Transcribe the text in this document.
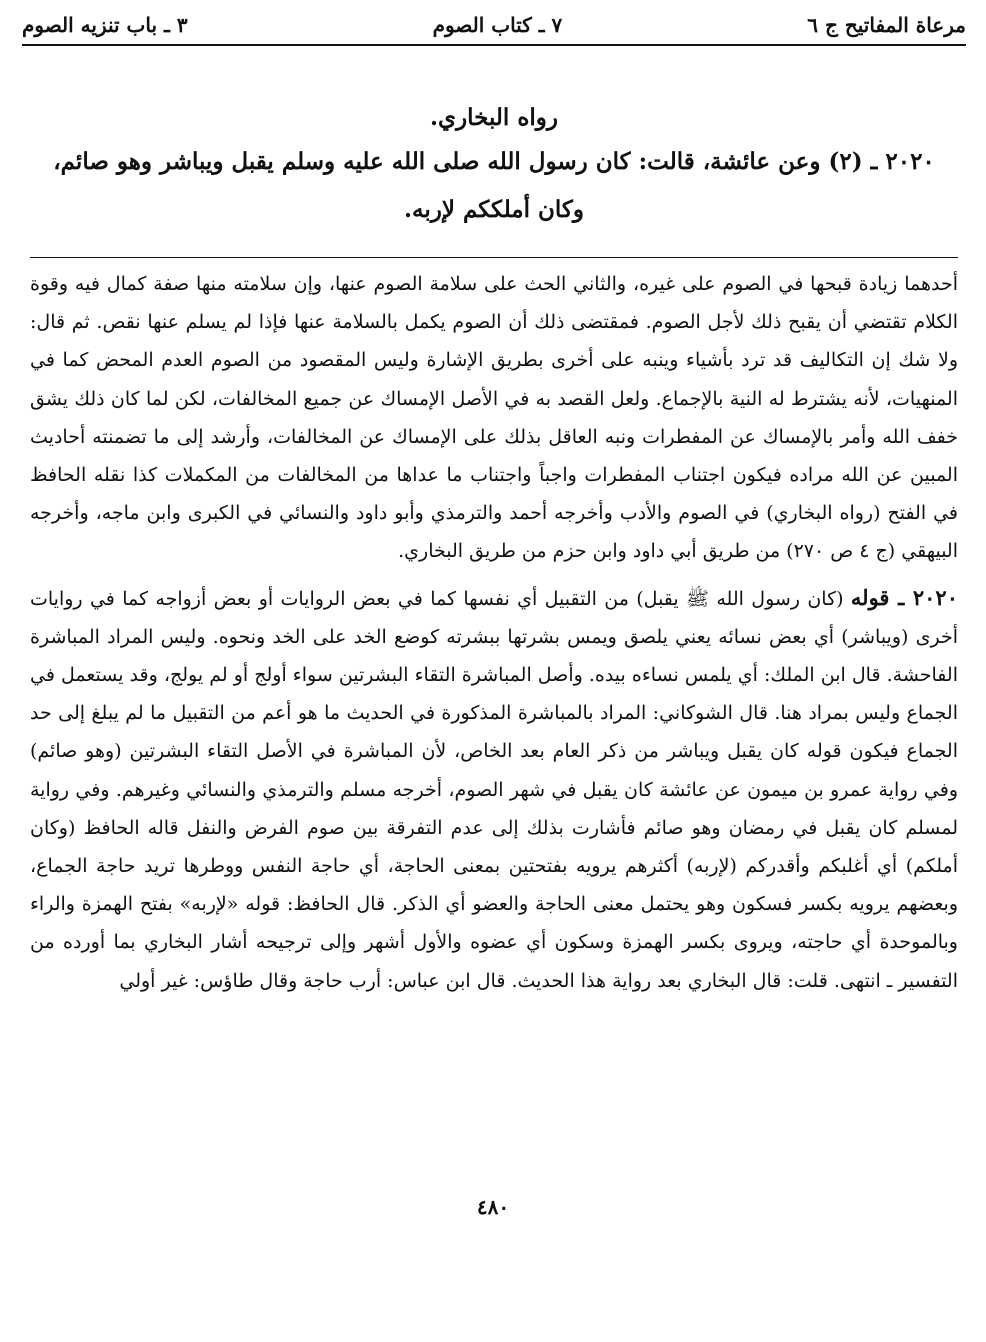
مرعاة المفاتيح ج ٦
٧ ـ كتاب الصوم
٣ ـ باب تنزيه الصوم
رواه البخاري.

٢٠٢٠ ـ (٢) وعن عائشة، قالت: كان رسول الله صلى الله عليه وسلم يقبل ويباشر وهو صائم، وكان أملككم لإربه.

أحدهما زيادة قبحها في الصوم على غيره، والثاني الحث على سلامة الصوم عنها، وإن سلامته منها صفة كمال فيه وقوة الكلام تقتضي أن يقبح ذلك لأجل الصوم. فمقتضى ذلك أن الصوم يكمل بالسلامة عنها فإذا لم يسلم عنها نقص. ثم قال: ولا شك إن التكاليف قد ترد بأشياء وينبه على أخرى بطريق الإشارة وليس المقصود من الصوم العدم المحض كما في المنهيات، لأنه يشترط له النية بالإجماع. ولعل القصد به في الأصل الإمساك عن جميع المخالفات، لكن لما كان ذلك يشق خفف الله وأمر بالإمساك عن المفطرات ونبه العاقل بذلك على الإمساك عن المخالفات، وأرشد إلى ما تضمنته أحاديث المبين عن الله مراده فيكون اجتناب المفطرات واجباً واجتناب ما عداها من المخالفات من المكملات كذا نقله الحافظ في الفتح (رواه البخاري) في الصوم والأدب وأخرجه أحمد والترمذي وأبو داود والنسائي في الكبرى وابن ماجه، وأخرجه البيهقي (ج ٤ ص ٢٧٠) من طريق أبي داود وابن حزم من طريق البخاري.

٢٠٢٠ ـ قوله (كان رسول الله ﷺ يقبل) من التقبيل أي نفسها كما في بعض الروايات أو بعض أزواجه كما في روايات أخرى (ويباشر) أي بعض نسائه يعني يلصق ويمس بشرتها ببشرته كوضع الخد على الخد ونحوه. وليس المراد المباشرة الفاحشة. قال ابن الملك: أي يلمس نساءه بيده. وأصل المباشرة التقاء البشرتين سواء أولج أو لم يولج، وقد يستعمل في الجماع وليس بمراد هنا. قال الشوكاني: المراد بالمباشرة المذكورة في الحديث ما هو أعم من التقبيل ما لم يبلغ إلى حد الجماع فيكون قوله كان يقبل ويباشر من ذكر العام بعد الخاص، لأن المباشرة في الأصل التقاء البشرتين (وهو صائم) وفي رواية عمرو بن ميمون عن عائشة كان يقبل في شهر الصوم، أخرجه مسلم والترمذي والنسائي وغيرهم. وفي رواية لمسلم كان يقبل في رمضان وهو صائم فأشارت بذلك إلى عدم التفرقة بين صوم الفرض والنفل قاله الحافظ (وكان أملكم) أي أغلبكم وأقدركم (لإربه) أكثرهم يرويه بفتحتين بمعنى الحاجة، أي حاجة النفس ووطرها تريد حاجة الجماع، وبعضهم يرويه بكسر فسكون وهو يحتمل معنى الحاجة والعضو أي الذكر. قال الحافظ: قوله «لإربه» بفتح الهمزة والراء وبالموحدة أي حاجته، ويروى بكسر الهمزة وسكون أي عضوه والأول أشهر وإلى ترجيحه أشار البخاري بما أورده من التفسير ـ انتهى. قلت: قال البخاري بعد رواية هذا الحديث. قال ابن عباس: أرب حاجة وقال طاؤس: غير أولي

٤٨٠
